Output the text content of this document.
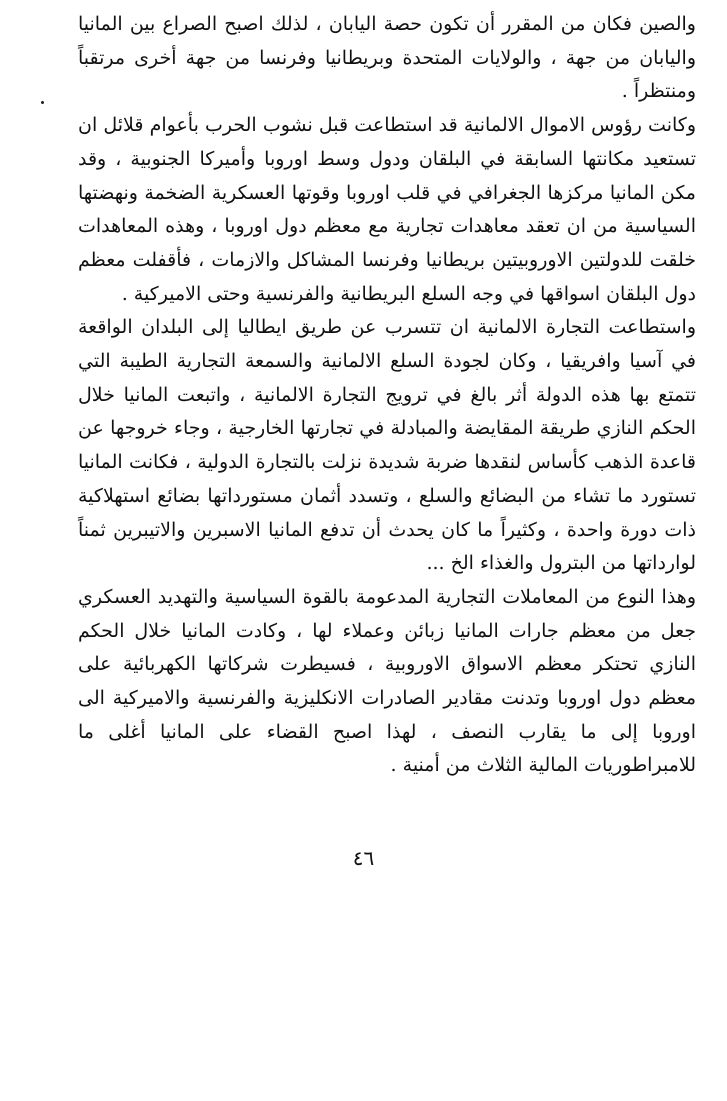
والصين فكان من المقرر أن تكون حصة اليابان ، لذلك اصبح الصراع بين المانيا واليابان من جهة ، والولايات المتحدة وبريطانيا وفرنسا من جهة أخرى مرتقباً ومنتظراً .

وكانت رؤوس الاموال الالمانية قد استطاعت قبل نشوب الحرب بأعوام قلائل ان تستعيد مكانتها السابقة في البلقان ودول وسط اوروبا وأميركا الجنوبية ، وقد مكن المانيا مركزها الجغرافي في قلب اوروبا وقوتها العسكرية الضخمة ونهضتها السياسية من ان تعقد معاهدات تجارية مع معظم دول اوروبا ، وهذه المعاهدات خلقت للدولتين الاوروبيتين بريطانيا وفرنسا المشاكل والازمات ، فأقفلت معظم دول البلقان اسواقها في وجه السلع البريطانية والفرنسية وحتى الاميركية .

واستطاعت التجارة الالمانية ان تتسرب عن طريق ايطاليا إلى البلدان الواقعة في آسيا وافريقيا ، وكان لجودة السلع الالمانية والسمعة التجارية الطيبة التي تتمتع بها هذه الدولة أثر بالغ في ترويج التجارة الالمانية ، واتبعت المانيا خلال الحكم النازي طريقة المقايضة والمبادلة في تجارتها الخارجية ، وجاء خروجها عن قاعدة الذهب كأساس لنقدها ضربة شديدة نزلت بالتجارة الدولية ، فكانت المانيا تستورد ما تشاء من البضائع والسلع ، وتسدد أثمان مستورداتها بضائع استهلاكية ذات دورة واحدة ، وكثيراً ما كان يحدث أن تدفع المانيا الاسبرين والاتيبرين ثمناً لوارداتها من البترول والغذاء الخ ...

وهذا النوع من المعاملات التجارية المدعومة بالقوة السياسية والتهديد العسكري جعل من معظم جارات المانيا زبائن وعملاء لها ، وكادت المانيا خلال الحكم النازي تحتكر معظم الاسواق الاوروبية ، فسيطرت شركاتها الكهربائية على معظم دول اوروبا وتدنت مقادير الصادرات الانكليزية والفرنسية والاميركية الى اوروبا إلى ما يقارب النصف ، لهذا اصبح القضاء على المانيا أغلى ما للامبراطوريات المالية الثلاث من أمنية .

٤٦
